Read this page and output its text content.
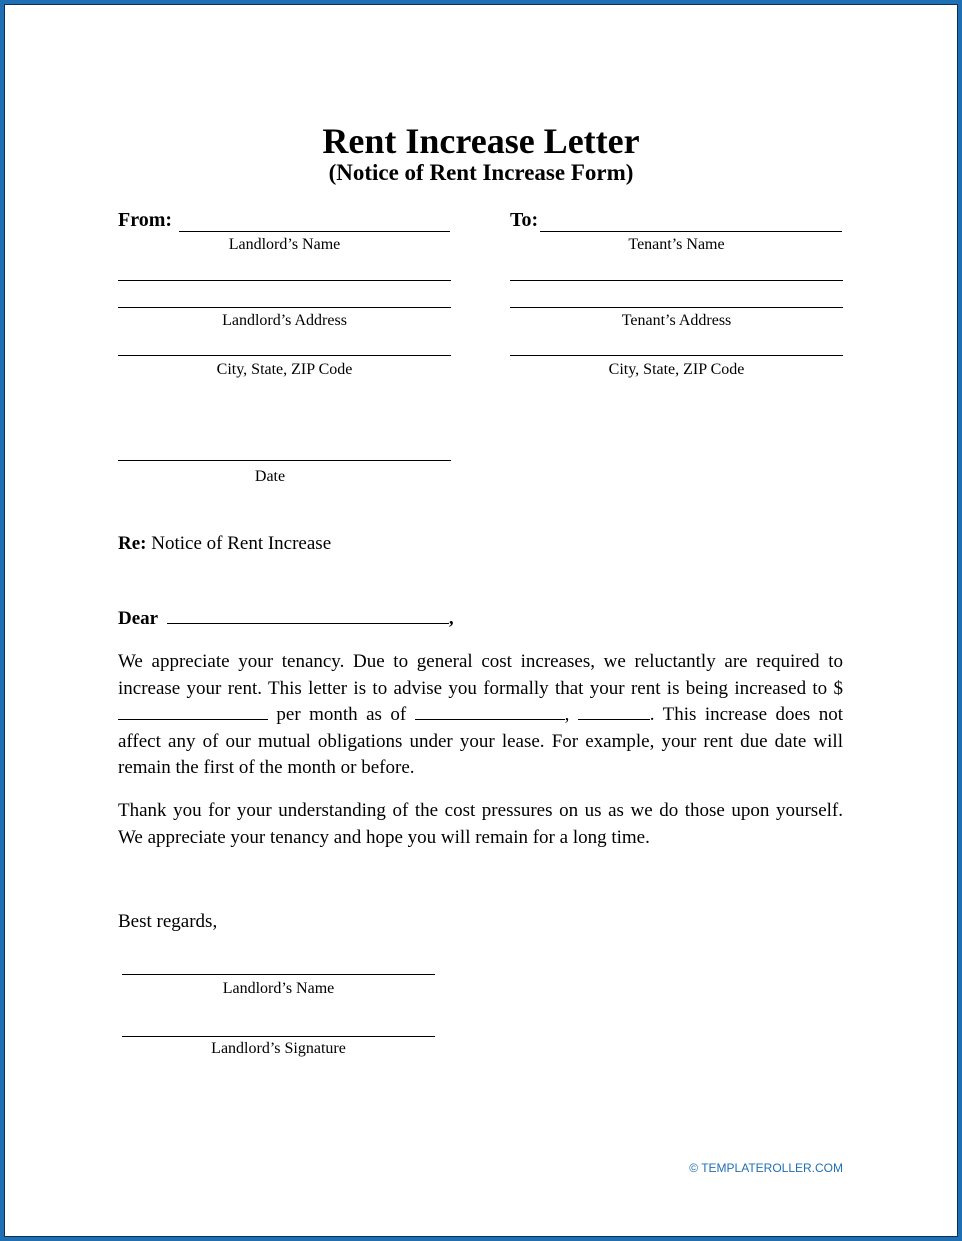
Rent Increase Letter
(Notice of Rent Increase Form)
From:
Landlord’s Name
Landlord’s Address
City, State, ZIP Code
To:
Tenant’s Name
Tenant’s Address
City, State, ZIP Code
Date
Re: Notice of Rent Increase
Dear	,
We appreciate your tenancy. Due to general cost increases, we reluctantly are required to increase your rent. This letter is to advise you formally that your rent is being increased to $ per month as of	,	. This increase does not affect any of our mutual obligations under your lease. For example, your rent due date will remain the first of the month or before.
Thank you for your understanding of the cost pressures on us as we do those upon yourself. We appreciate your tenancy and hope you will remain for a long time.
Best regards,
Landlord’s Name
Landlord’s Signature
© TEMPLATEROLLER.COM
